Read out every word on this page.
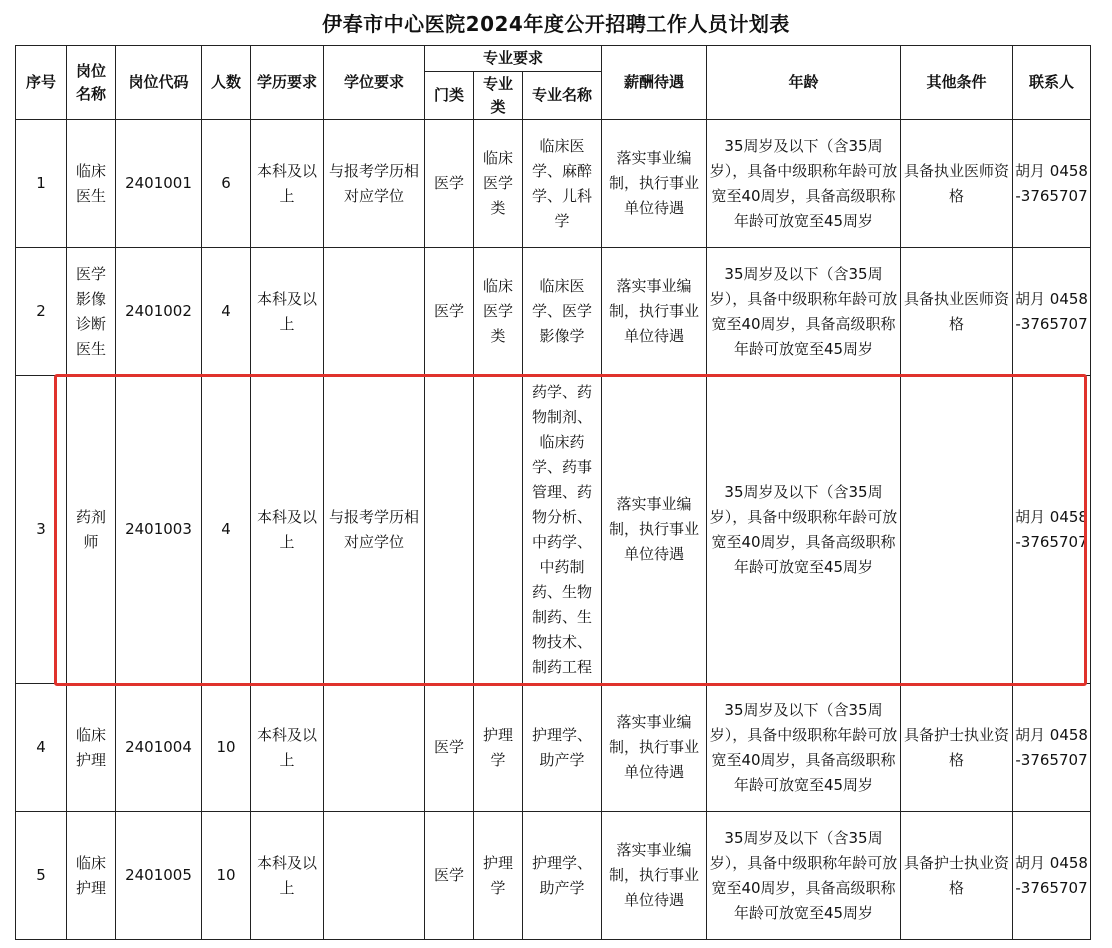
伊春市中心医院2024年度公开招聘工作人员计划表
序号	岗位名称	岗位代码	人数	学历要求	学位要求	专业要求			薪酬待遇	年龄	其他条件	联系人
						门类	专业类	专业名称				
1	临床医生	2401001	6	本科及以上	与报考学历相对应学位	医学	临床医学类	临床医学、麻醉学、儿科学	落实事业编制，执行事业单位待遇	35周岁及以下（含35周岁），具备中级职称年龄可放宽至40周岁，具备高级职称年龄可放宽至45周岁	具备执业医师资格	胡月 0458-3765707
2	医学影像诊断医生	2401002	4	本科及以上		医学	临床医学类	临床医学、医学影像学	落实事业编制，执行事业单位待遇	35周岁及以下（含35周岁），具备中级职称年龄可放宽至40周岁，具备高级职称年龄可放宽至45周岁	具备执业医师资格	胡月 0458-3765707
3	药剂师	2401003	4	本科及以上	与报考学历相对应学位			药学、药物制剂、临床药学、药事管理、药物分析、中药学、中药制药、生物制药、生物技术、制药工程	落实事业编制，执行事业单位待遇	35周岁及以下（含35周岁），具备中级职称年龄可放宽至40周岁，具备高级职称年龄可放宽至45周岁		胡月 0458-3765707
4	临床护理	2401004	10	本科及以上		医学	护理学	护理学、助产学	落实事业编制，执行事业单位待遇	35周岁及以下（含35周岁），具备中级职称年龄可放宽至40周岁，具备高级职称年龄可放宽至45周岁	具备护士执业资格	胡月 0458-3765707
5	临床护理	2401005	10	本科及以上		医学	护理学	护理学、助产学	落实事业编制，执行事业单位待遇	35周岁及以下（含35周岁），具备中级职称年龄可放宽至40周岁，具备高级职称年龄可放宽至45周岁	具备护士执业资格	胡月 0458-3765707
